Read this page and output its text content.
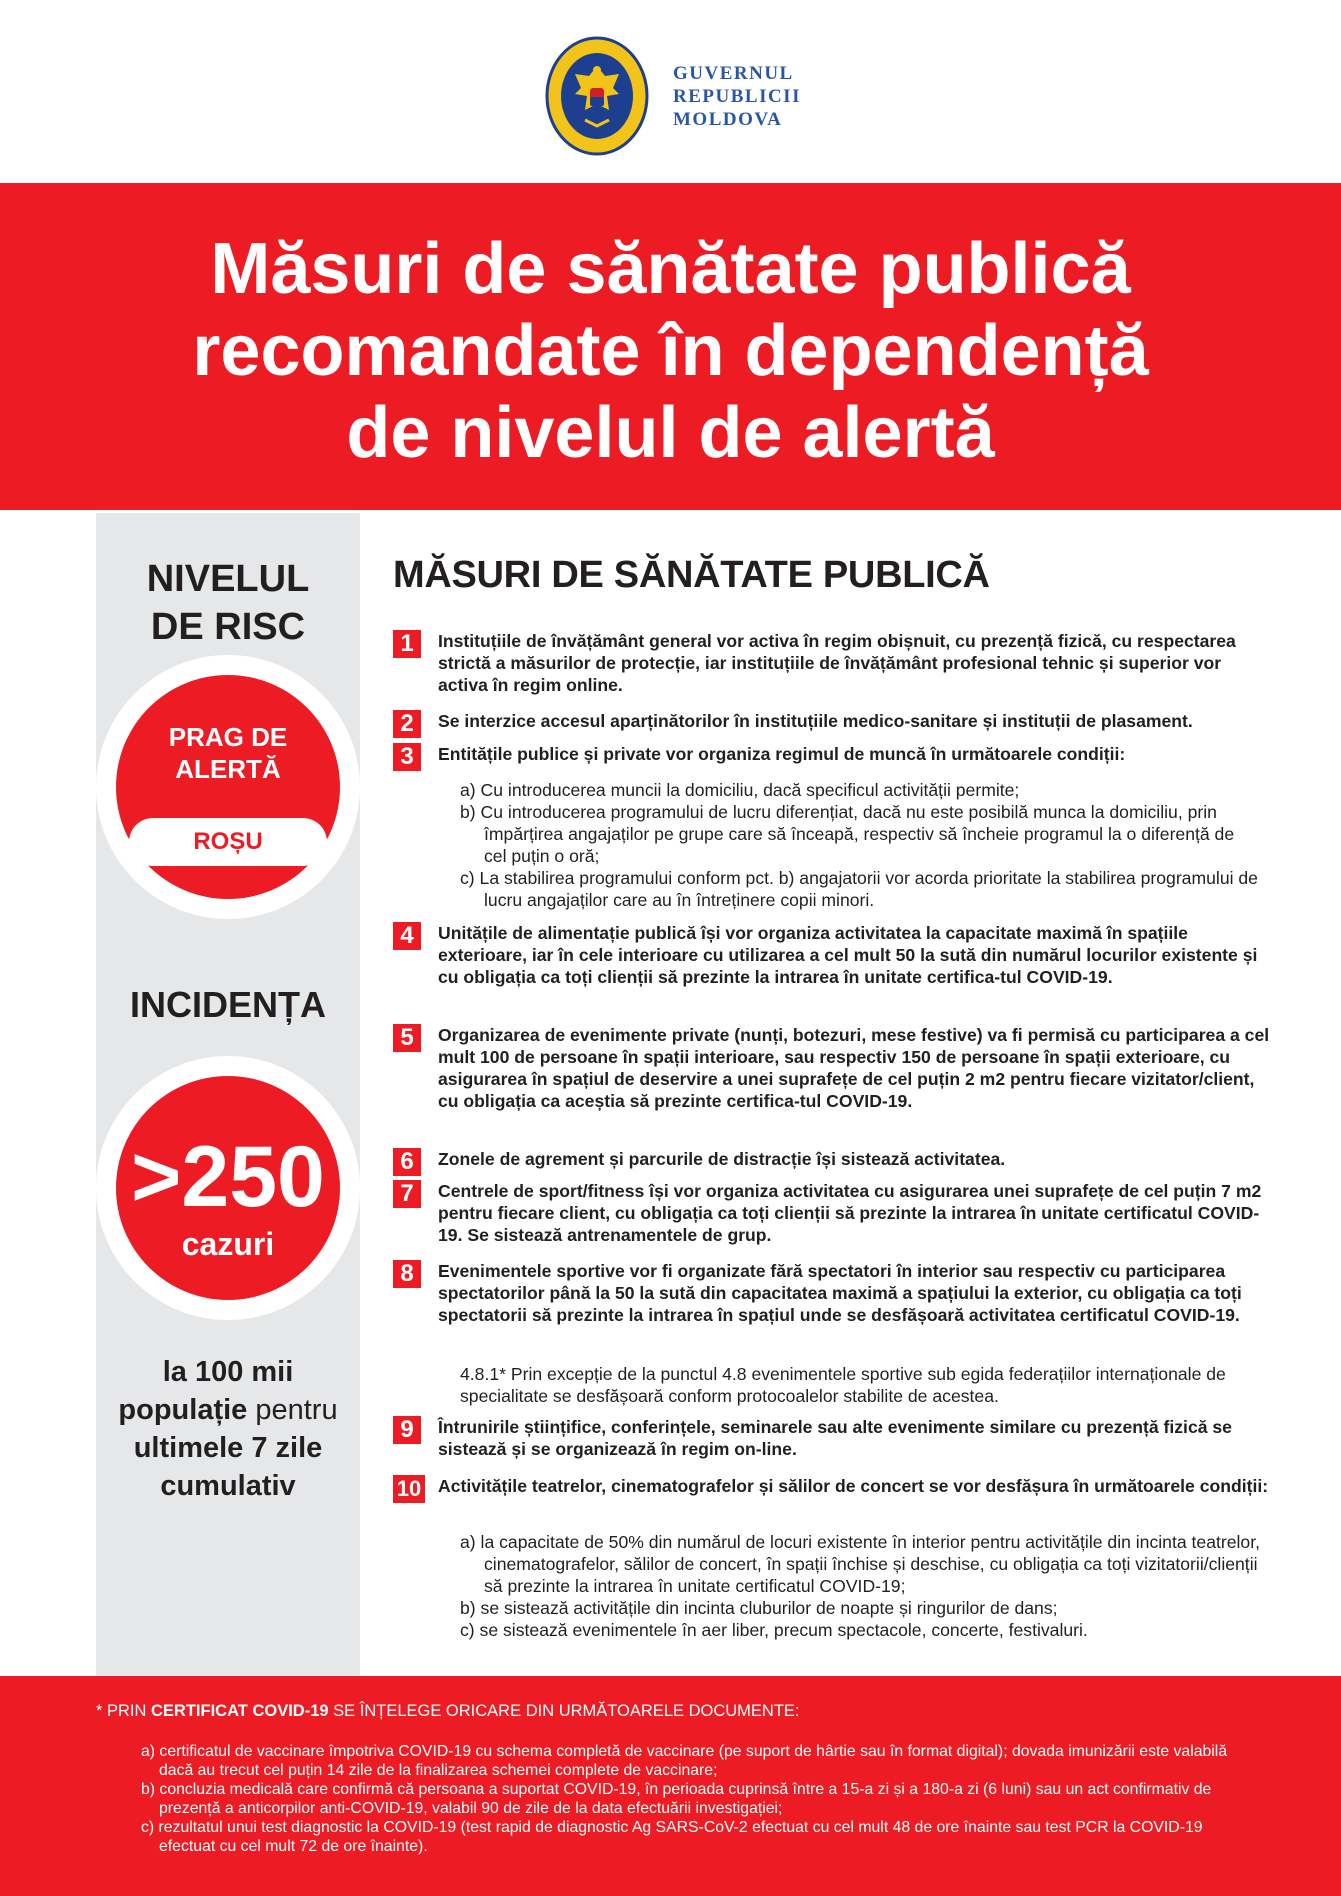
GUVERNUL
REPUBLICII
MOLDOVA
Măsuri de sănătate publică
recomandate în dependență
de nivelul de alertă
NIVELUL
DE RISC
PRAG DE
ALERTĂ
ROȘU
INCIDENȚA
>250
cazuri
la 100 mii
populație pentru
ultimele 7 zile
cumulativ
MĂSURI DE SĂNĂTATE PUBLICĂ
1	Instituțiile de învățământ general vor activa în regim obișnuit, cu prezență fizică, cu respectarea strictă a măsurilor de protecție, iar instituțiile de învățământ profesional tehnic și superior vor activa în regim online.
2	Se interzice accesul aparținătorilor în instituțiile medico-sanitare și instituții de plasament.
3	Entitățile publice și private vor organiza regimul de muncă în următoarele condiții:
a) Cu introducerea muncii la domiciliu, dacă specificul activității permite;
b) Cu introducerea programului de lucru diferențiat, dacă nu este posibilă munca la domiciliu, prin împărțirea angajaților pe grupe care să înceapă, respectiv să încheie programul la o diferență de cel puțin o oră;
c) La stabilirea programului conform pct. b) angajatorii vor acorda prioritate la stabilirea programului de lucru angajaților care au în întreținere copii minori.
4	Unitățile de alimentație publică își vor organiza activitatea la capacitate maximă în spațiile exterioare, iar în cele interioare cu utilizarea a cel mult 50 la sută din numărul locurilor existente și cu obligația ca toți clienții să prezinte la intrarea în unitate certifica-tul COVID-19.
5	Organizarea de evenimente private (nunți, botezuri, mese festive) va fi permisă cu participarea a cel mult 100 de persoane în spații interioare, sau respectiv 150 de persoane în spații exterioare, cu asigurarea în spațiul de deservire a unei suprafețe de cel puțin 2 m2 pentru fiecare vizitator/client, cu obligația ca aceștia să prezinte certifica-tul COVID-19.
6	Zonele de agrement și parcurile de distracție își sistează activitatea.
7	Centrele de sport/fitness își vor organiza activitatea cu asigurarea unei suprafețe de cel puțin 7 m2 pentru fiecare client, cu obligația ca toți clienții să prezinte la intrarea în unitate certificatul COVID-19. Se sistează antrenamentele de grup.
8	Evenimentele sportive vor fi organizate fără spectatori în interior sau respectiv cu participarea spectatorilor până la 50 la sută din capacitatea maximă a spațiului la exterior, cu obligația ca toți spectatorii să prezinte la intrarea în spațiul unde se desfășoară activitatea certificatul COVID-19.
4.8.1* Prin excepție de la punctul 4.8 evenimentele sportive sub egida federațiilor internaționale de specialitate se desfășoară conform protocoalelor stabilite de acestea.
9	Întrunirile științifice, conferințele, seminarele sau alte evenimente similare cu prezență fizică se sistează și se organizează în regim on-line.
10 Activitățile teatrelor, cinematografelor și sălilor de concert se vor desfășura în următoarele condiții:
a) la capacitate de 50% din numărul de locuri existente în interior pentru activitățile din incinta teatrelor, cinematografelor, sălilor de concert, în spații închise și deschise, cu obligația ca toți vizitatorii/clienții să prezinte la intrarea în unitate certificatul COVID-19;
b) se sistează activitățile din incinta cluburilor de noapte și ringurilor de dans;
c) se sistează evenimentele în aer liber, precum spectacole, concerte, festivaluri.
* PRIN CERTIFICAT COVID-19 SE ÎNȚELEGE ORICARE DIN URMĂTOARELE DOCUMENTE:
a) certificatul de vaccinare împotriva COVID-19 cu schema completă de vaccinare (pe suport de hârtie sau în format digital); dovada imunizării este valabilă dacă au trecut cel puțin 14 zile de la finalizarea schemei complete de vaccinare;
b) concluzia medicală care confirmă că persoana a suportat COVID-19, în perioada cuprinsă între a 15-a zi și a 180-a zi (6 luni) sau un act confirmativ de prezență a anticorpilor anti-COVID-19, valabil 90 de zile de la data efectuării investigației;
c) rezultatul unui test diagnostic la COVID-19 (test rapid de diagnostic Ag SARS-CoV-2 efectuat cu cel mult 48 de ore înainte sau test PCR la COVID-19 efectuat cu cel mult 72 de ore înainte).
